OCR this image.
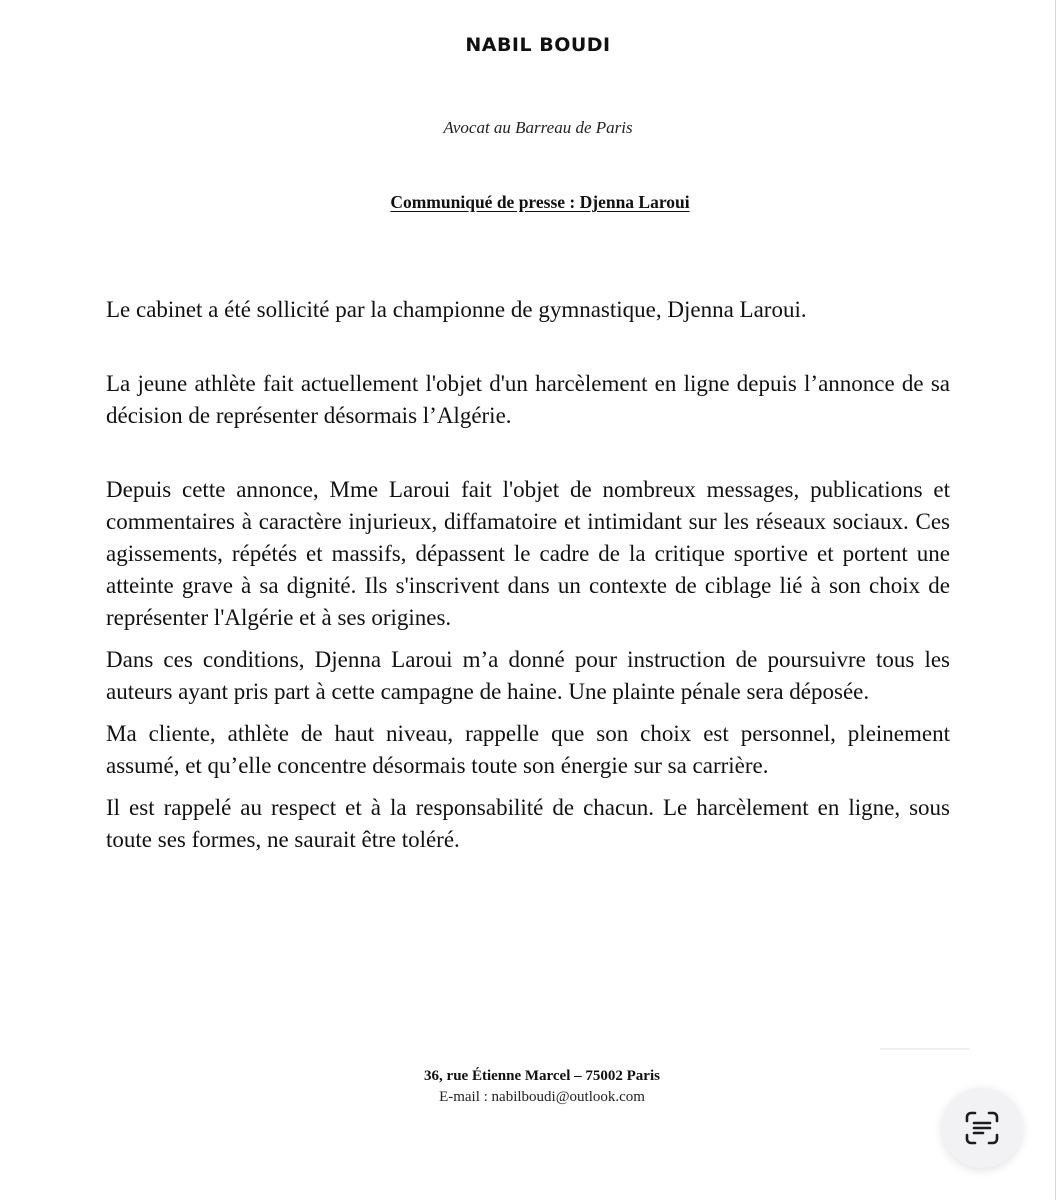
NABIL BOUDI
Avocat au Barreau de Paris
Communiqué de presse : Djenna Laroui

Le cabinet a été sollicité par la championne de gymnastique, Djenna Laroui.

La jeune athlète fait actuellement l'objet d'un harcèlement en ligne depuis l’annonce de sa décision de représenter désormais l’Algérie.

Depuis cette annonce, Mme Laroui fait l'objet de nombreux messages, publications et commentaires à caractère injurieux, diffamatoire et intimidant sur les réseaux sociaux. Ces agissements, répétés et massifs, dépassent le cadre de la critique sportive et portent une atteinte grave à sa dignité. Ils s'inscrivent dans un contexte de ciblage lié à son choix de représenter l'Algérie et à ses origines.

Dans ces conditions, Djenna Laroui m’a donné pour instruction de poursuivre tous les auteurs ayant pris part à cette campagne de haine. Une plainte pénale sera déposée.

Ma cliente, athlète de haut niveau, rappelle que son choix est personnel, pleinement assumé, et qu’elle concentre désormais toute son énergie sur sa carrière.

Il est rappelé au respect et à la responsabilité de chacun. Le harcèlement en ligne, sous toute ses formes, ne saurait être toléré.

36, rue Étienne Marcel – 75002 Paris
E-mail : nabilboudi@outlook.com
